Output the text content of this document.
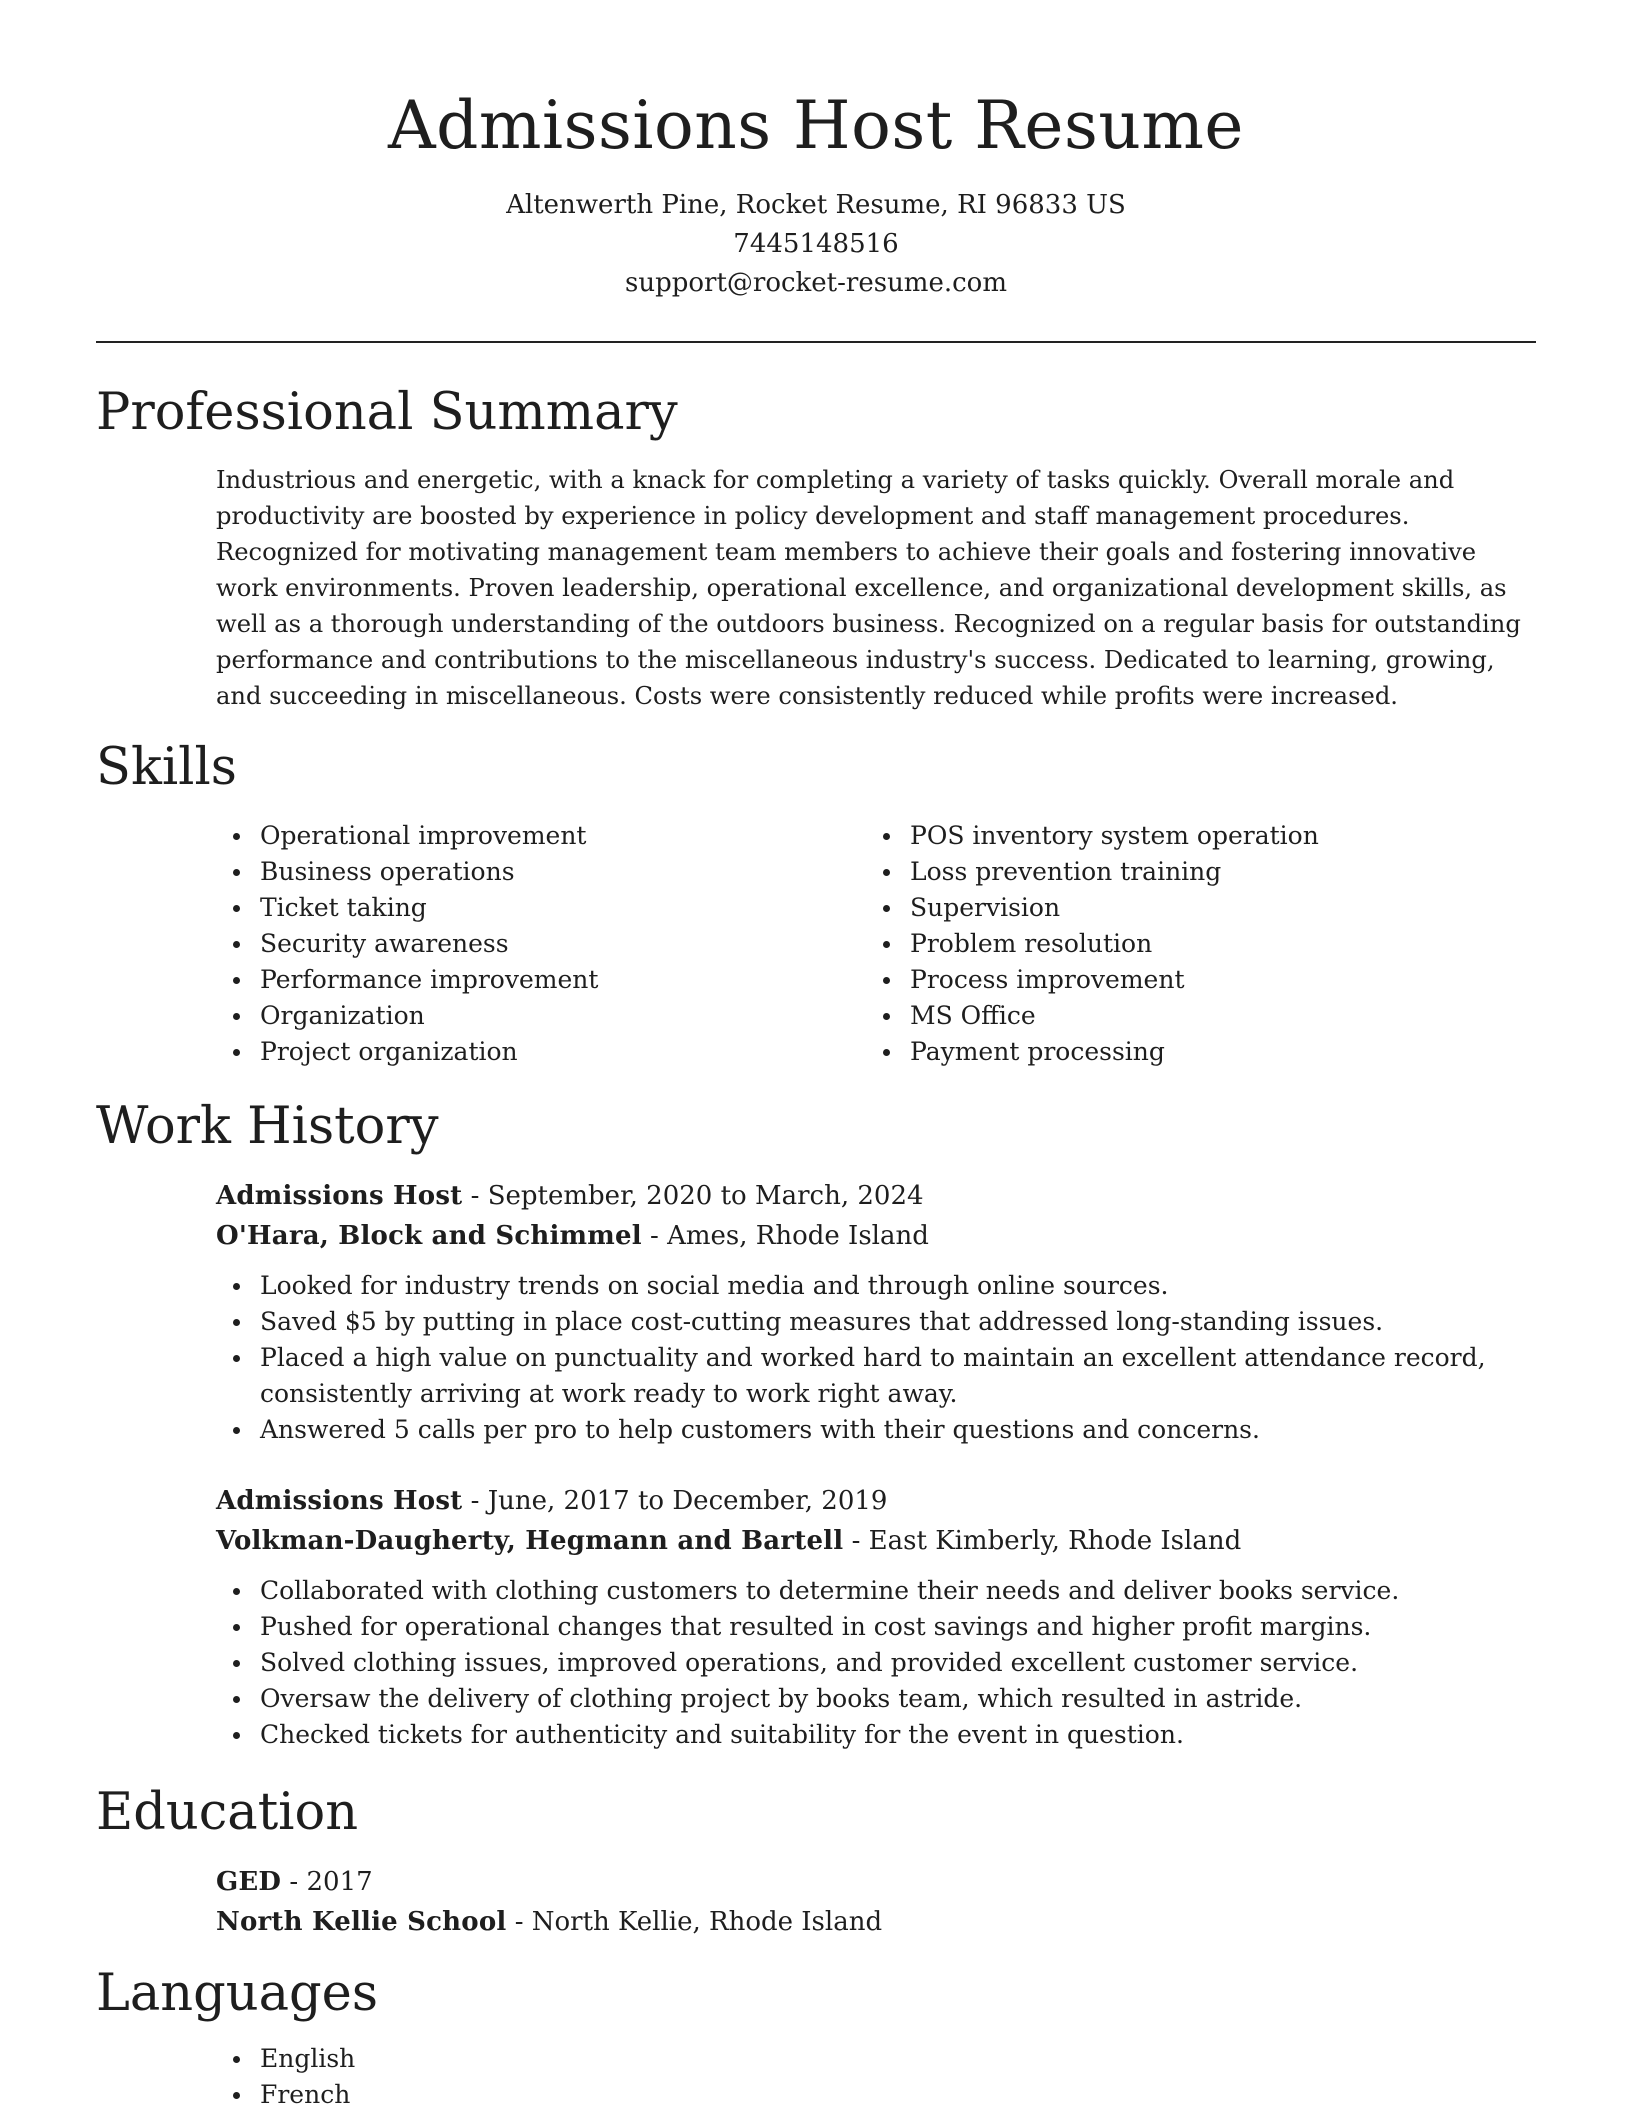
Admissions Host Resume
Altenwerth Pine, Rocket Resume, RI 96833 US
7445148516
support@rocket-resume.com
Professional Summary

Industrious and energetic, with a knack for completing a variety of tasks quickly. Overall morale and productivity are boosted by experience in policy development and staff management procedures. Recognized for motivating management team members to achieve their goals and fostering innovative work environments. Proven leadership, operational excellence, and organizational development skills, as well as a thorough understanding of the outdoors business. Recognized on a regular basis for outstanding performance and contributions to the miscellaneous industry's success. Dedicated to learning, growing, and succeeding in miscellaneous. Costs were consistently reduced while profits were increased.

Skills
Operational improvement
Business operations
Ticket taking
Security awareness
Performance improvement
Organization
Project organization
POS inventory system operation
Loss prevention training
Supervision
Problem resolution
Process improvement
MS Office
Payment processing
Work History
Admissions Host - September, 2020 to March, 2024
O'Hara, Block and Schimmel - Ames, Rhode Island
Looked for industry trends on social media and through online sources.
Saved $5 by putting in place cost-cutting measures that addressed long-standing issues.
Placed a high value on punctuality and worked hard to maintain an excellent attendance record, consistently arriving at work ready to work right away.
Answered 5 calls per pro to help customers with their questions and concerns.
Admissions Host - June, 2017 to December, 2019
Volkman-Daugherty, Hegmann and Bartell - East Kimberly, Rhode Island
Collaborated with clothing customers to determine their needs and deliver books service.
Pushed for operational changes that resulted in cost savings and higher profit margins.
Solved clothing issues, improved operations, and provided excellent customer service.
Oversaw the delivery of clothing project by books team, which resulted in astride.
Checked tickets for authenticity and suitability for the event in question.
Education
GED - 2017
North Kellie School - North Kellie, Rhode Island
Languages
English
French
